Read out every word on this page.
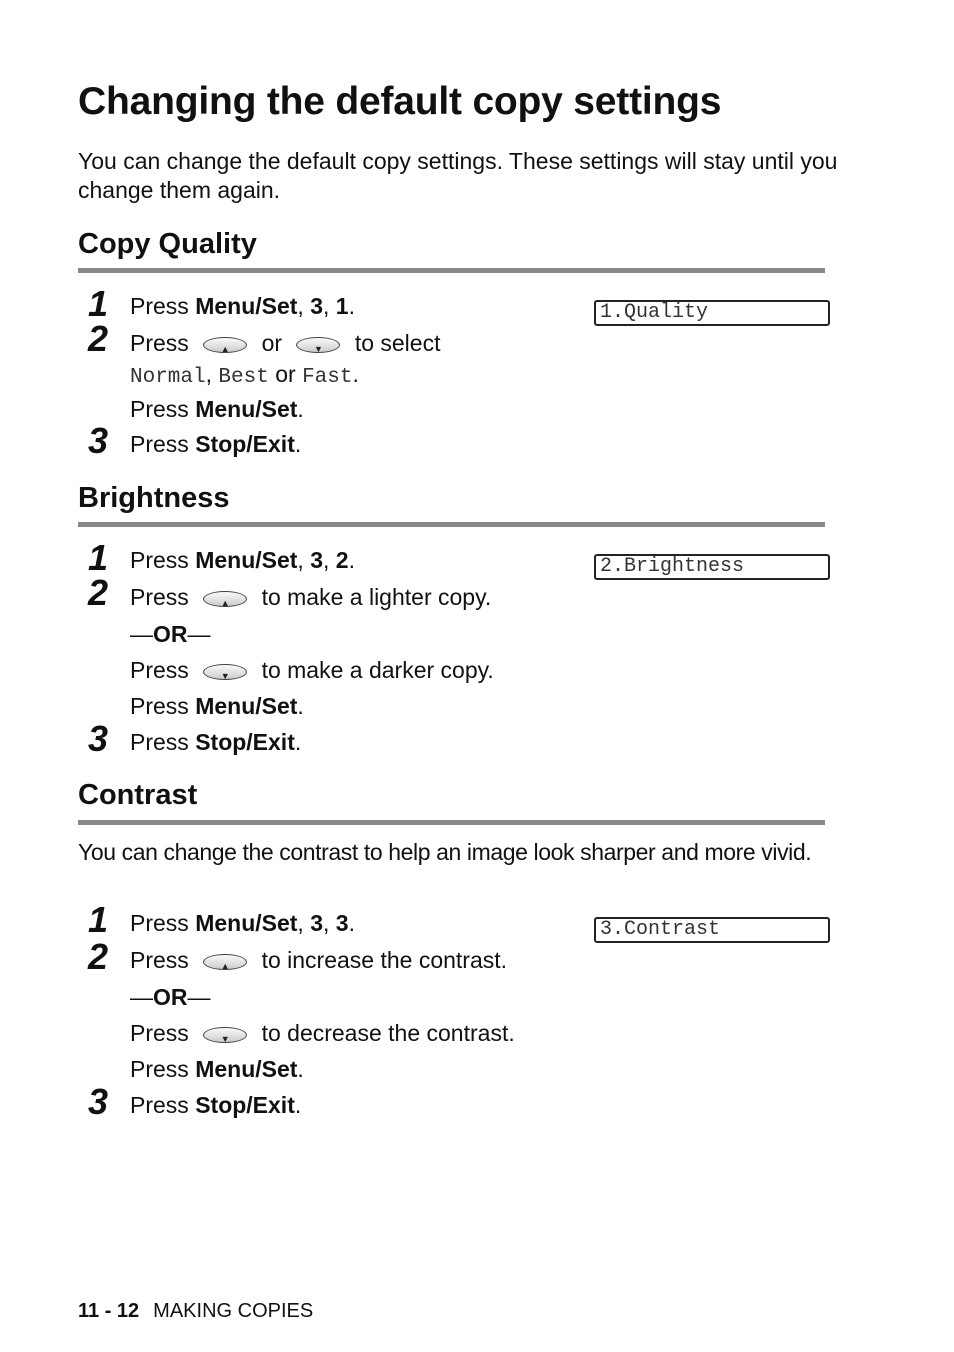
Changing the default copy settings

You can change the default copy settings. These settings will stay until you change them again.

Copy Quality
1.Quality
1 Press Menu/Set, 3, 1.
2 Press	▲	or	▼	to select
Normal, Best or Fast.
Press Menu/Set.
3 Press Stop/Exit.
Brightness
2.Brightness
1 Press Menu/Set, 3, 2.
2 Press	▲	to make a lighter copy.
—OR—
Press	▼	to make a darker copy.
Press Menu/Set.
3 Press Stop/Exit.
Contrast

You can change the contrast to help an image look sharper and more vivid.

3.Contrast
1 Press Menu/Set, 3, 3.
2 Press	▲	to increase the contrast.
—OR—
Press	▼	to decrease the contrast.
Press Menu/Set.
3 Press Stop/Exit.
11 - 12 MAKING COPIES
